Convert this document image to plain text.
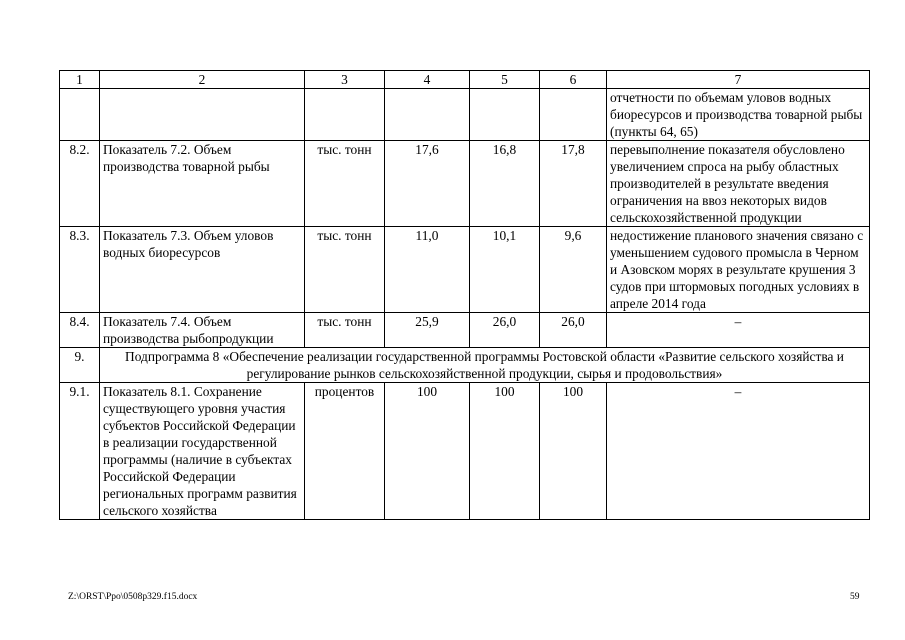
1	2	3	4	5	6	7
						отчетности по объемам уловов водных биоресурсов и производства товарной рыбы (пункты 64, 65)
8.2.	Показатель 7.2. Объем производства товарной рыбы	тыс. тонн	17,6	16,8	17,8	перевыполнение показателя обусловлено увеличением спроса на рыбу областных производителей в результате введения ограничения на ввоз некоторых видов сельскохозяйственной продукции
8.3.	Показатель 7.3. Объем уловов водных биоресурсов	тыс. тонн	11,0	10,1	9,6	недостижение планового значения связано с уменьшением судового промысла в Черном и Азовском морях в результате крушения 3 судов при штормовых погодных условиях в апреле 2014 года
8.4.	Показатель 7.4. Объем производства рыбопродукции	тыс. тонн	25,9	26,0	26,0	–
9.	Подпрограмма 8 «Обеспечение реализации государственной программы Ростовской области «Развитие сельского хозяйства и регулирование рынков сельскохозяйственной продукции, сырья и продовольствия»					
9.1.	Показатель 8.1. Сохранение существующего уровня участия субъектов Российской Федерации в реализации государственной программы (наличие в субъектах Российской Федерации региональных программ развития сельского хозяйства	процентов	100	100	100	–
Z:\ORST\Ppo\0508p329.f15.docx	59
